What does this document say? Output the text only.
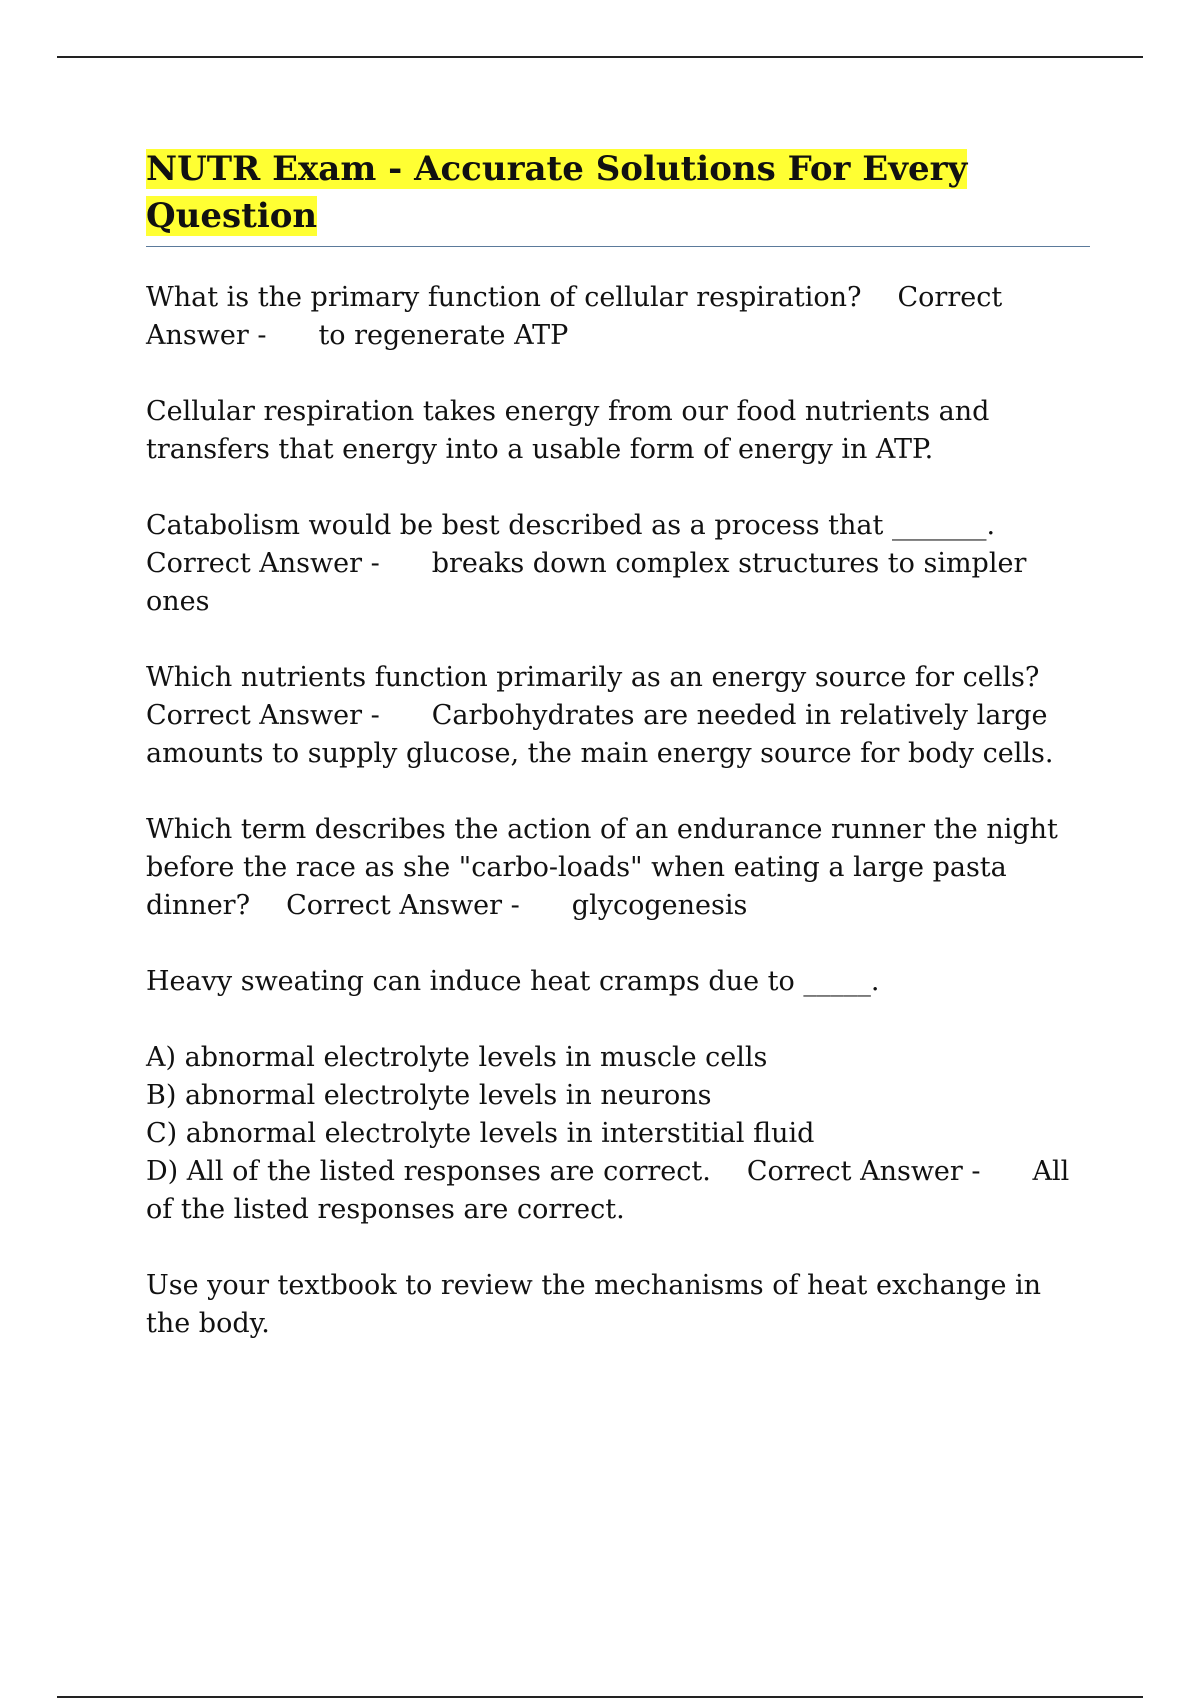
NUTR Exam - Accurate Solutions For Every Question

What is the primary function of cellular respiration? Correct Answer - to regenerate ATP

Cellular respiration takes energy from our food nutrients and transfers that energy into a usable form of energy in ATP.

Catabolism would be best described as a process that _______. Correct Answer - breaks down complex structures to simpler ones

Which nutrients function primarily as an energy source for cells? Correct Answer - Carbohydrates are needed in relatively large amounts to supply glucose, the main energy source for body cells.

Which term describes the action of an endurance runner the night before the race as she "carbo-loads" when eating a large pasta dinner? Correct Answer - glycogenesis

Heavy sweating can induce heat cramps due to _____.

A) abnormal electrolyte levels in muscle cells

B) abnormal electrolyte levels in neurons

C) abnormal electrolyte levels in interstitial fluid

D) All of the listed responses are correct. Correct Answer - All of the listed responses are correct.

Use your textbook to review the mechanisms of heat exchange in the body.
